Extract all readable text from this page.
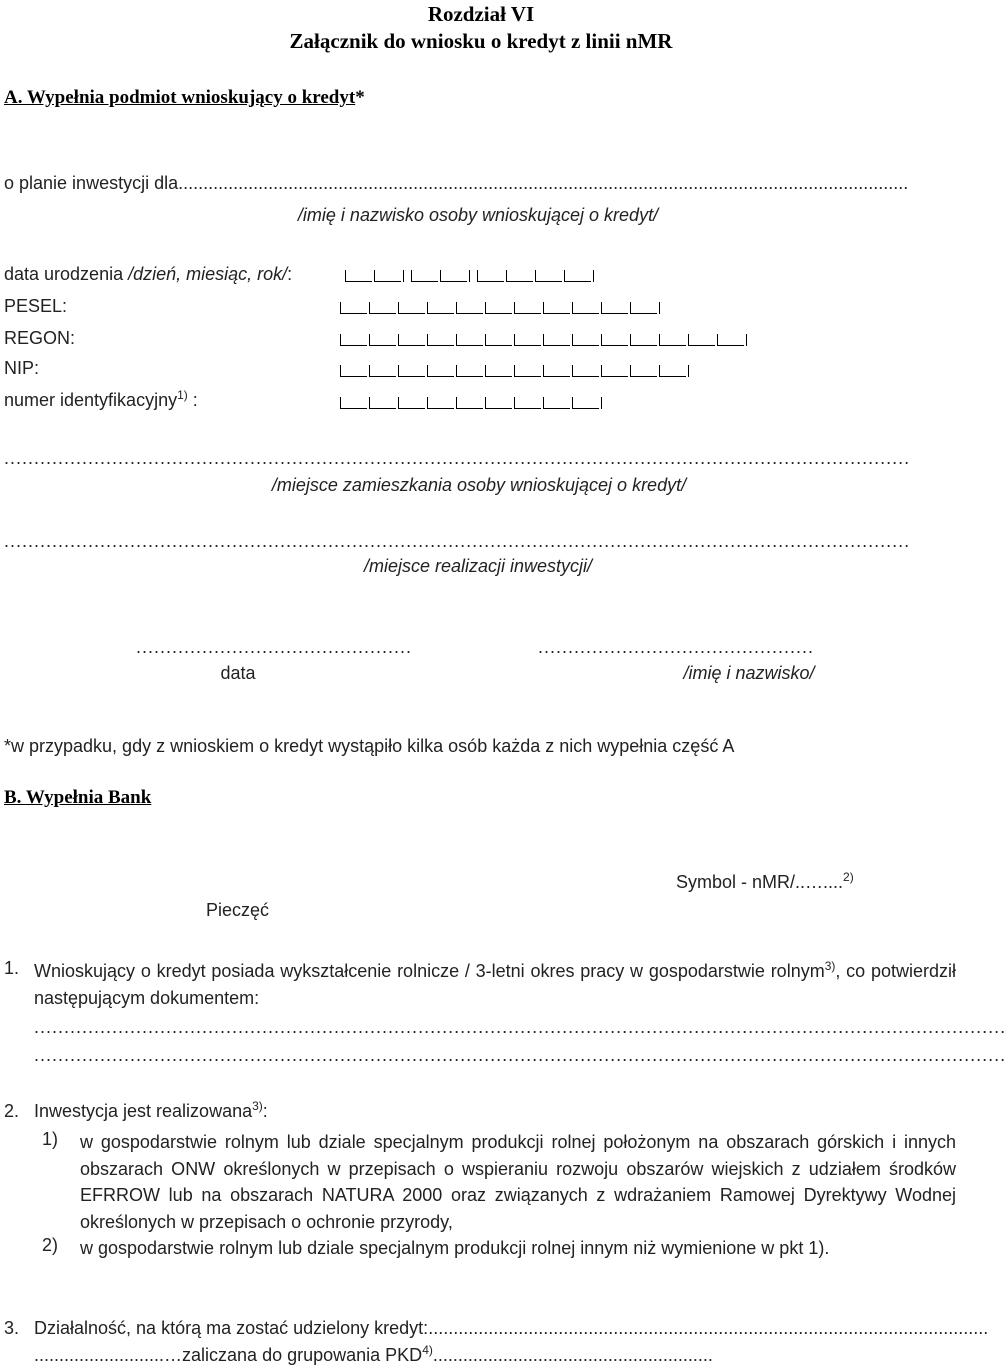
Rozdział VI
Załącznik do wniosku o kredyt z linii nMR
A. Wypełnia podmiot wnioskujący o kredyt*
o planie inwestycji dla..................................................................................................................................................
/imię i nazwisko osoby wnioskującej o kredyt/
data urodzenia /dzień, miesiąc, rok/:
PESEL:
REGON:
NIP:
numer identyfikacyjny$^{1)}$ :
.......................................................................................................................................................
/miejsce zamieszkania osoby wnioskującej o kredyt/
.......................................................................................................................................................
/miejsce realizacji inwestycji/
..............................................
data
..............................................
/imię i nazwisko/
*w przypadku, gdy z wnioskiem o kredyt wystąpiło kilka osób każda z nich wypełnia część A
B. Wypełnia Bank
Pieczęć
Symbol - nMR/..…....$^{2)}$
1. Wnioskujący o kredyt posiada wykształcenie rolnicze / 3-letni okres pracy w gospodarstwie rolnym$^{3)}$, co potwierdził następującym dokumentem:
..................................................................................................................................................................
..................................................................................................................................................................
2. Inwestycja jest realizowana$^{3)}$:
1) w gospodarstwie rolnym lub dziale specjalnym produkcji rolnej położonym na obszarach górskich i innych obszarach ONW określonych w przepisach o wspieraniu rozwoju obszarów wiejskich z udziałem środków EFRROW lub na obszarach NATURA 2000 oraz związanych z wdrażaniem Ramowej Dyrektywy Wodnej określonych w przepisach o ochronie przyrody,
2) w gospodarstwie rolnym lub dziale specjalnym produkcji rolnej innym niż wymienione w pkt 1).
3. Działalność, na którą ma zostać udzielony kredyt:................................................................................................................
..........................…zaliczana do grupowania PKD$^{4)}$........................................................
